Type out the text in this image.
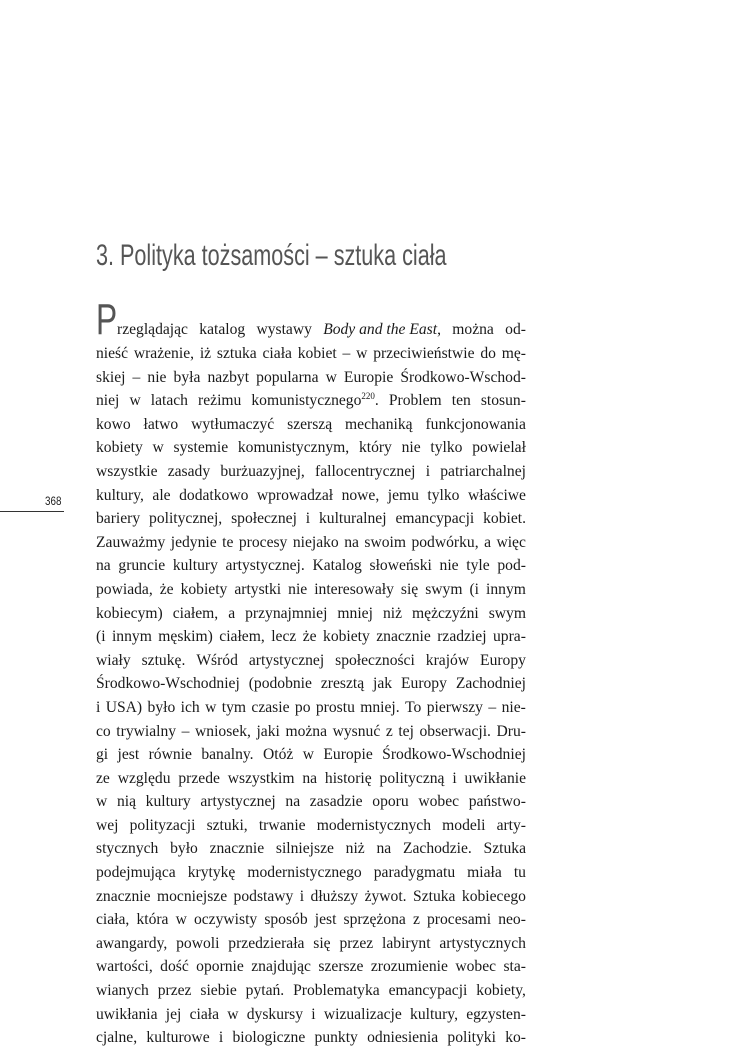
368
3. Polityka tożsamości – sztuka ciała
P rzeglądając katalog wystawy Body and the East, można od-
nieść wrażenie, iż sztuka ciała kobiet – w przeciwieństwie do mę-
skiej – nie była nazbyt popularna w Europie Środkowo-Wschod-
niej w latach reżimu komunistycznego$^{220}$. Problem ten stosun-
kowo łatwo wytłumaczyć szerszą mechaniką funkcjonowania
kobiety w systemie komunistycznym, który nie tylko powielał
wszystkie zasady burżuazyjnej, fallocentrycznej i patriarchalnej
kultury, ale dodatkowo wprowadzał nowe, jemu tylko właściwe
bariery politycznej, społecznej i kulturalnej emancypacji kobiet.
Zauważmy jedynie te procesy niejako na swoim podwórku, a więc
na gruncie kultury artystycznej. Katalog słoweński nie tyle pod-
powiada, że kobiety artystki nie interesowały się swym (i innym
kobiecym) ciałem, a przynajmniej mniej niż mężczyźni swym
(i innym męskim) ciałem, lecz że kobiety znacznie rzadziej upra-
wiały sztukę. Wśród artystycznej społeczności krajów Europy
Środkowo-Wschodniej (podobnie zresztą jak Europy Zachodniej
i USA) było ich w tym czasie po prostu mniej. To pierwszy – nie-
co trywialny – wniosek, jaki można wysnuć z tej obserwacji. Dru-
gi jest równie banalny. Otóż w Europie Środkowo-Wschodniej
ze względu przede wszystkim na historię polityczną i uwikłanie
w nią kultury artystycznej na zasadzie oporu wobec państwo-
wej polityzacji sztuki, trwanie modernistycznych modeli arty-
stycznych było znacznie silniejsze niż na Zachodzie. Sztuka
podejmująca krytykę modernistycznego paradygmatu miała tu
znacznie mocniejsze podstawy i dłuższy żywot. Sztuka kobiecego
ciała, która w oczywisty sposób jest sprzężona z procesami neo-
awangardy, powoli przedzierała się przez labirynt artystycznych
wartości, dość opornie znajdując szersze zrozumienie wobec sta-
wianych przez siebie pytań. Problematyka emancypacji kobiety,
uwikłania jej ciała w dyskursy i wizualizacje kultury, egzysten-
cjalne, kulturowe i biologiczne punkty odniesienia polityki ko-
